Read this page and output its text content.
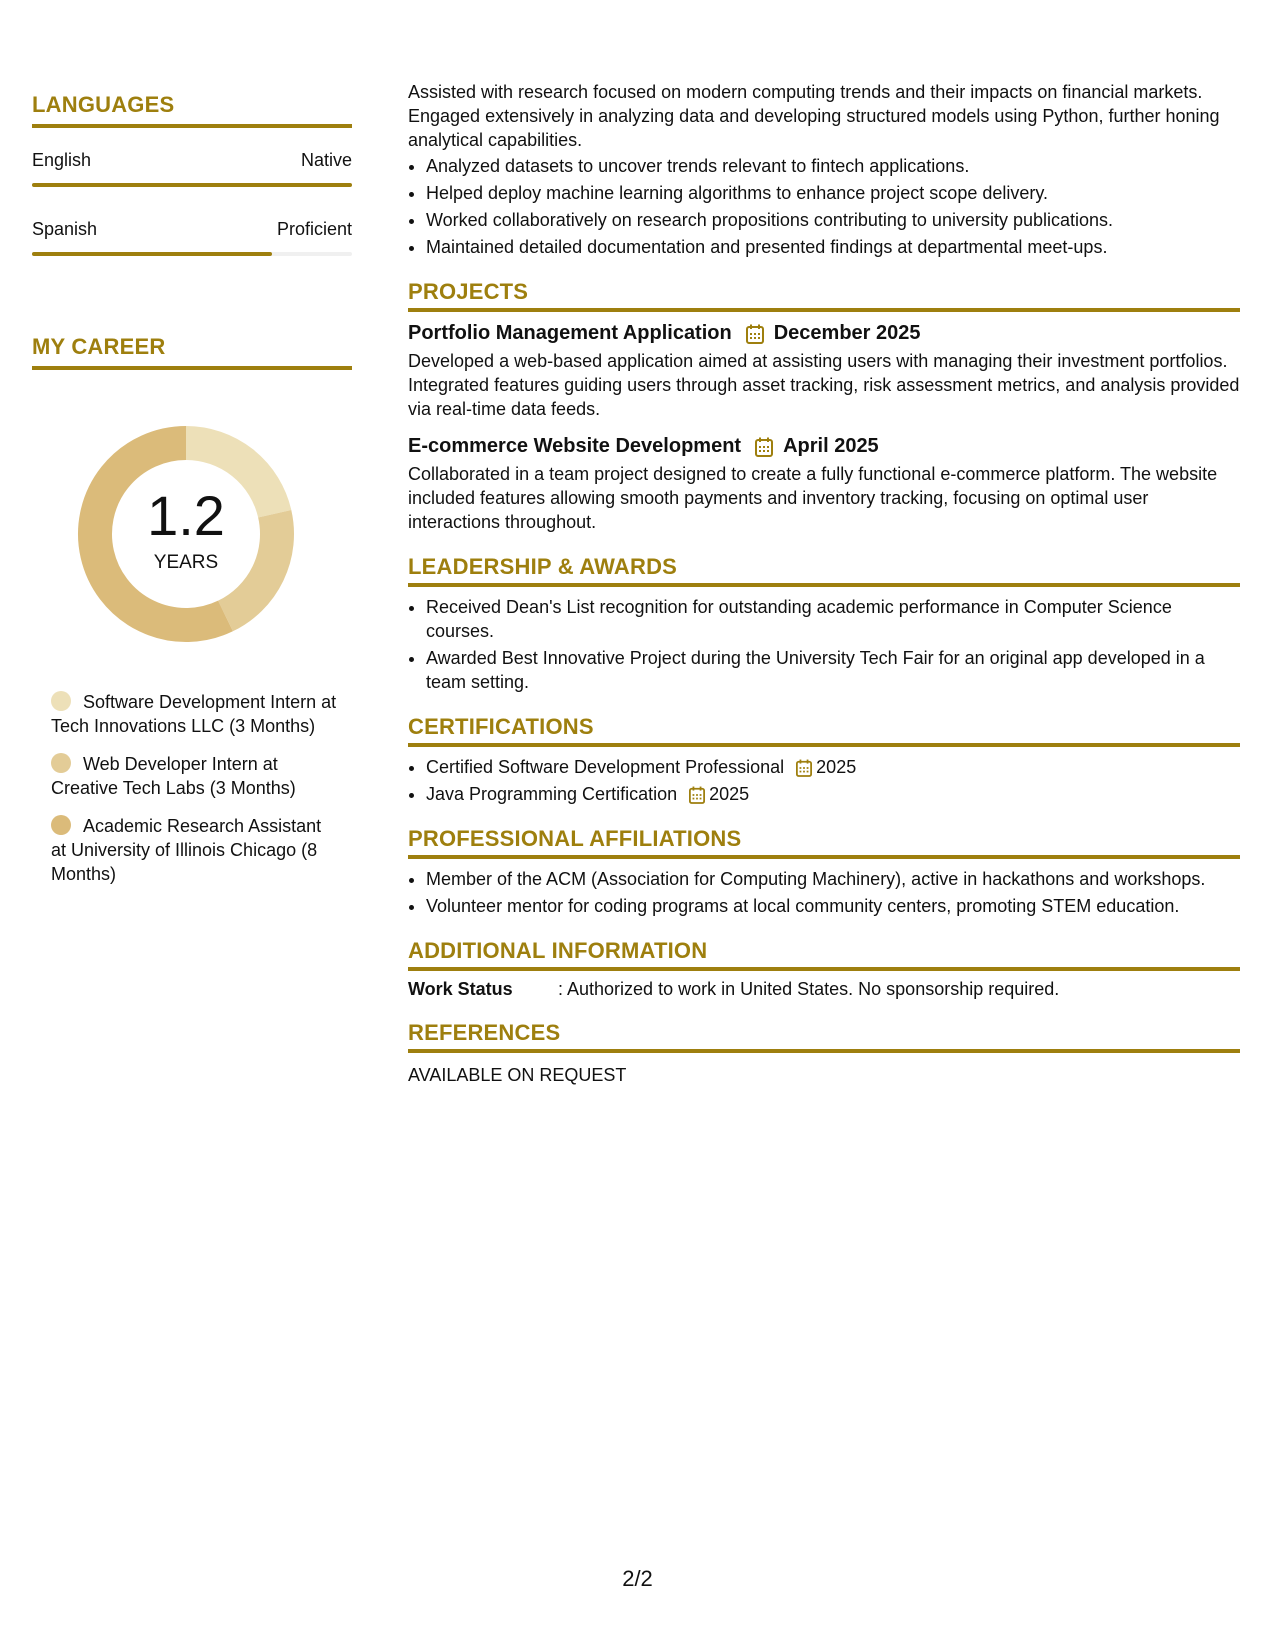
LANGUAGES
English	Native
Spanish	Proficient
MY CAREER
1.2
YEARS
Software Development Intern at Tech Innovations LLC (3 Months)
Web Developer Intern at Creative Tech Labs (3 Months)
Academic Research Assistant at University of Illinois Chicago (8 Months)

Assisted with research focused on modern computing trends and their impacts on financial markets. Engaged extensively in analyzing data and developing structured models using Python, further honing analytical capabilities.

• Analyzed datasets to uncover trends relevant to fintech applications.
• Helped deploy machine learning algorithms to enhance project scope delivery.
• Worked collaboratively on research propositions contributing to university publications.
• Maintained detailed documentation and presented findings at departmental meet-ups.
PROJECTS
Portfolio Management Application December 2025

Developed a web-based application aimed at assisting users with managing their investment portfolios. Integrated features guiding users through asset tracking, risk assessment metrics, and analysis provided via real-time data feeds.

E-commerce Website Development April 2025

Collaborated in a team project designed to create a fully functional e-commerce platform. The website included features allowing smooth payments and inventory tracking, focusing on optimal user interactions throughout.

LEADERSHIP & AWARDS
• Received Dean's List recognition for outstanding academic performance in Computer Science courses.
• Awarded Best Innovative Project during the University Tech Fair for an original app developed in a team setting.
CERTIFICATIONS
• Certified Software Development Professional 2025
• Java Programming Certification 2025
PROFESSIONAL AFFILIATIONS
• Member of the ACM (Association for Computing Machinery), active in hackathons and workshops.
• Volunteer mentor for coding programs at local community centers, promoting STEM education.
ADDITIONAL INFORMATION
Work Status	: Authorized to work in United States. No sponsorship required.
REFERENCES

AVAILABLE ON REQUEST

2/2
